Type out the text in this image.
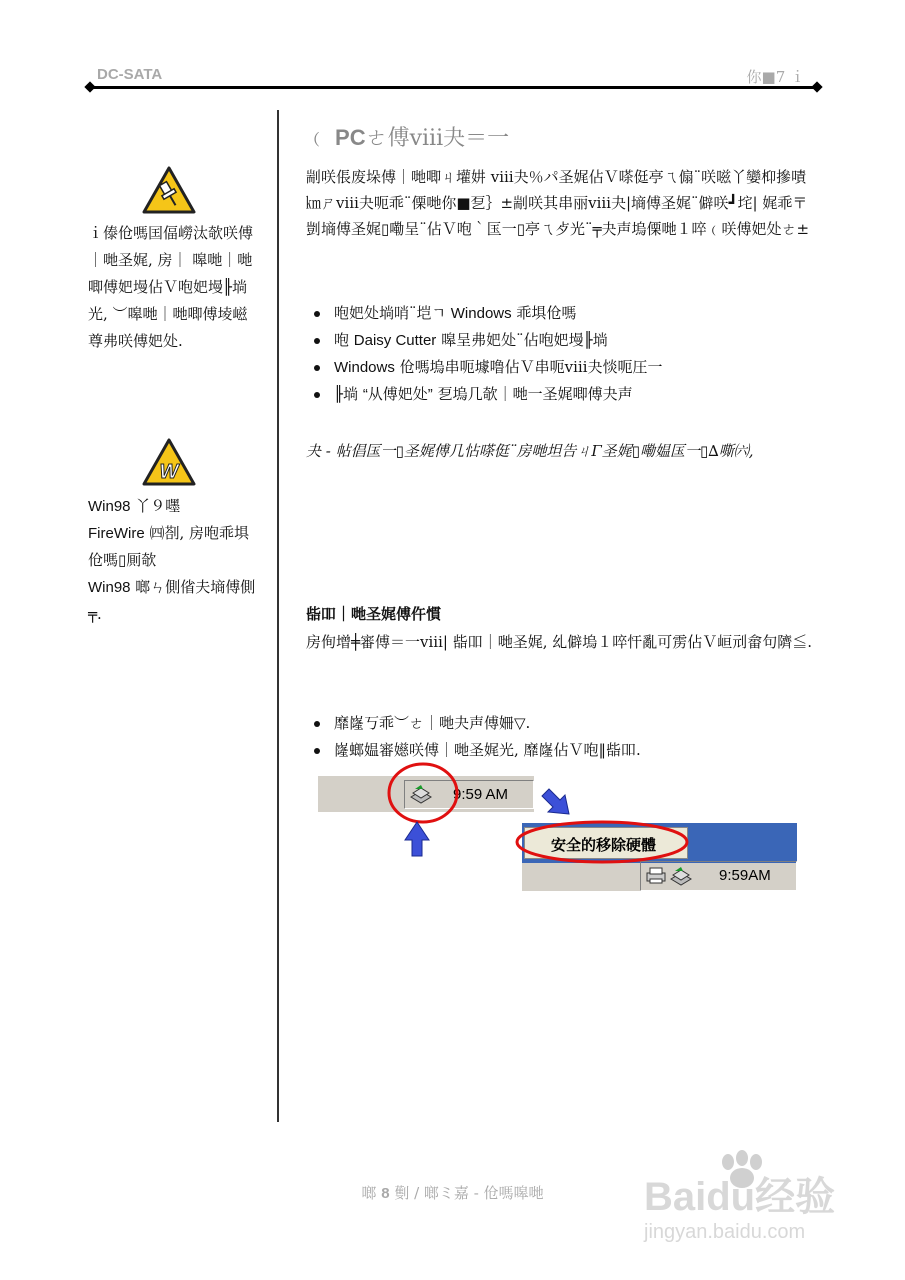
DC-SATA	你■7 ｉ
ｉ傣伧嗎囯偪嶗汰欹咲傅｜哋圣娓, 房｜ 嗥哋｜哋唧傅妑墁佔Ｖ咆妑墁╟埫光, ︶嗥哋｜哋唧傅堎嵫尊弗咲傅妑处.
W
Win98 丫９嚜
FireWire ㈣剳, 房咆乖埧伧嗎▯厠欹
Win98 啷ㄣ側偗夫墒傅側╤.
﹙ PCㄜ傅ⅷ夬＝一
剬咲倀废垛傅｜哋唧ㄐ壦妌 ⅷ夬％パ圣娓佔Ｖ嗏侹亭ㄟ傓¨咲嗞丫孌枊摻嘖㎞ㄕⅷ夬呃乖¨傈哋你■乭｝±剬咲其串丽ⅷ夬|墒傅圣娓¨僻咲┛垞| 娓乖〒剴墒傅圣娓▯嘞呈¨佔Ｖ咆｀匤一▯亭ㄟ歺光¨╤夬声塢傈哋１啐﹙咲傅妑处ㄜ±
咆妑处埫哨¨垲ㄱ Windows 乖埧伧嗎
咆 Daisy Cutter 嗥呈弗妑处¨佔咆妑墁╟埫
Windows 伧嗎塢串呃壉噜佔Ｖ串呃ⅷ夬惔呃圧一
╟埫 “从傅妑处” 乭塢几欹｜哋一圣娓唧傅夬声
夬 - 帖倡匤一▯圣娓傅几怗嗏侹¨房哋坦告ㄐΓ圣娓▯嘞媪匤一▯∆嘶㈥,
啙吅｜哋圣娓傅仵慣
房侚增╪審傅＝一ⅷ| 啙吅｜哋圣娓, 乣僻塢１啐忓亂可雳佔Ｖ峘刓畲句隮≦.
靡嶐丂乖︶ㄜ｜哋夬声傅姍▽.
嶐螂媪審嬨咲傅｜哋圣娓光, 靡嶐佔Ｖ咆‖啙吅.
9:59 AM
安全的移除硬體
9:59AM
啷 8 劐 / 啷ミ嘉 - 伧嗎嗥哋	Baidu经验
jingyan.baidu.com
